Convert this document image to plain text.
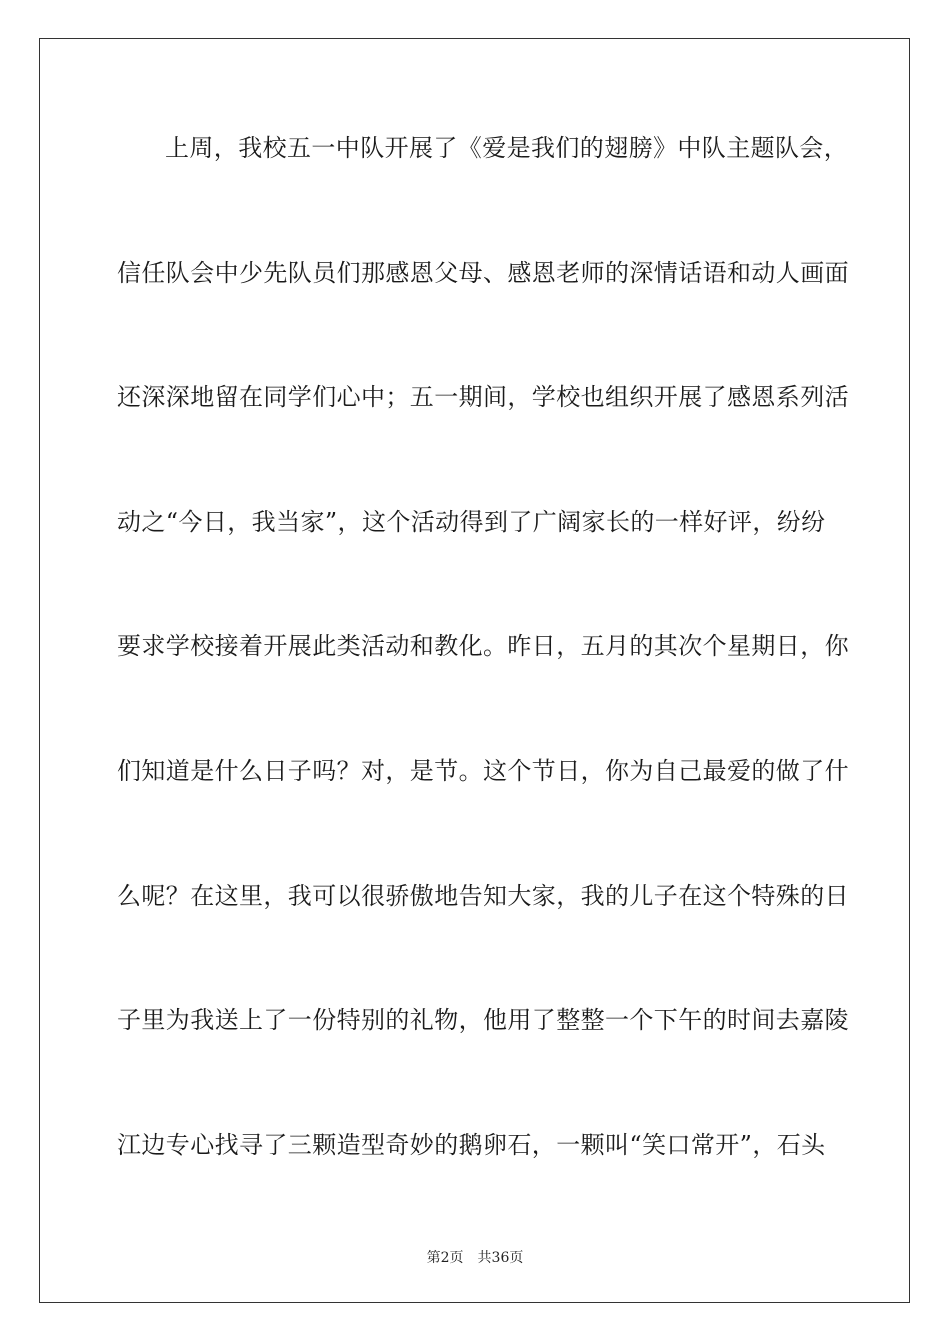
上周，我校五一中队开展了《爱是我们的翅膀》中队主题队会，
信任队会中少先队员们那感恩父母、感恩老师的深情话语和动人画面
还深深地留在同学们心中；五一期间，学校也组织开展了感恩系列活
动之“今日，我当家”，这个活动得到了广阔家长的一样好评，纷纷
要求学校接着开展此类活动和教化。昨日，五月的其次个星期日，你
们知道是什么日子吗？对，是节。这个节日，你为自己最爱的做了什
么呢？在这里，我可以很骄傲地告知大家，我的儿子在这个特殊的日
子里为我送上了一份特别的礼物，他用了整整一个下午的时间去嘉陵
江边专心找寻了三颗造型奇妙的鹅卵石，一颗叫“笑口常开”，石头
第2页 共36页
